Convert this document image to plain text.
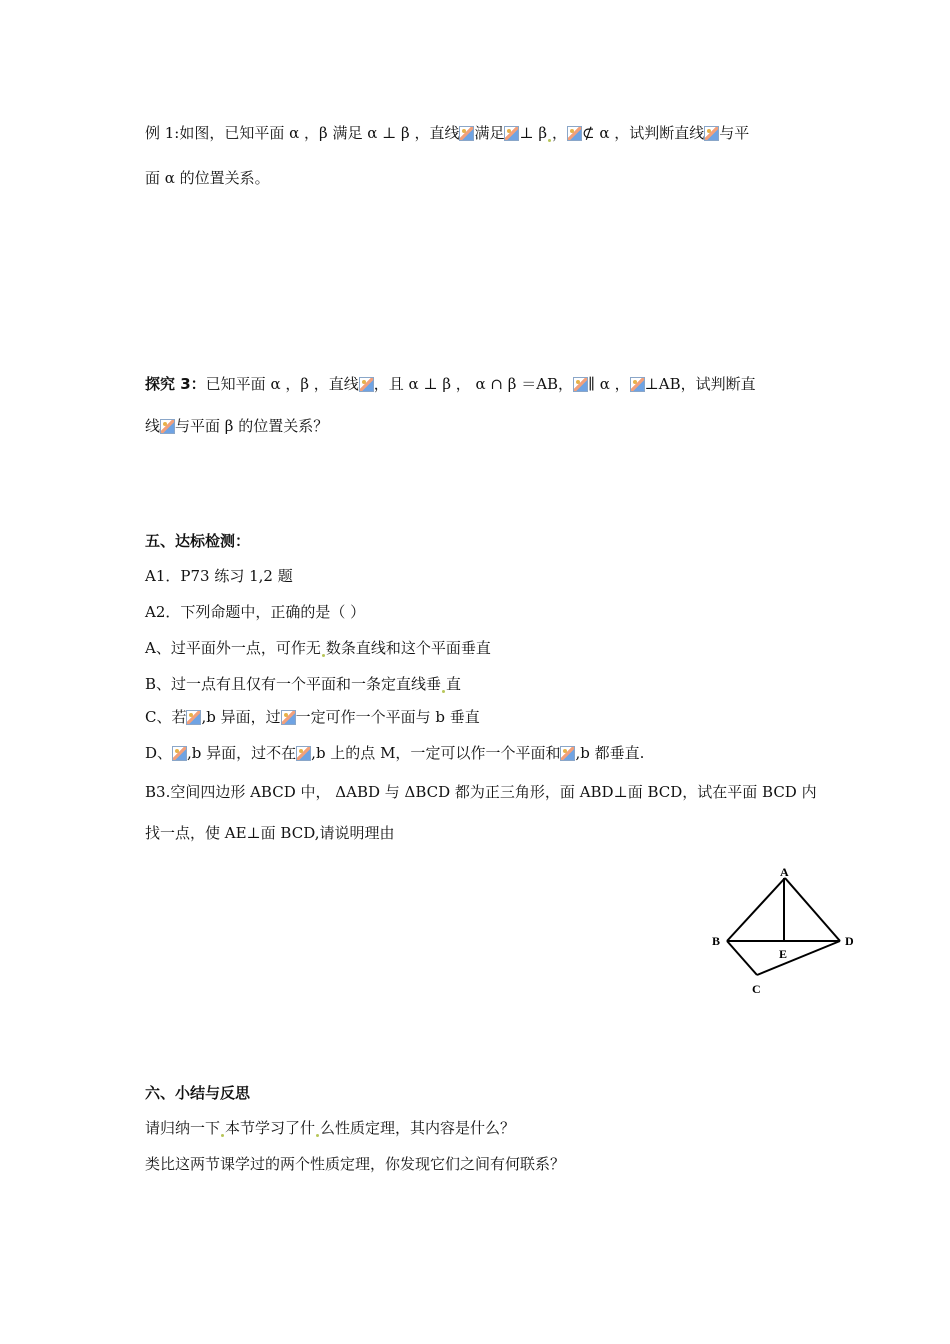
例 1:如图，已知平面 α ，β 满足 α ⊥ β ，直线 满足 ⊥ β ， ⊄ α ，试判断直线 与平
面 α 的位置关系。
探究 3：已知平面 α ，β ，直线 ，且 α ⊥ β ， α ∩ β ＝AB， ∥ α ， ⊥AB，试判断直
线 与平面 β 的位置关系？
五、达标检测：
A1．P73 练习 1,2 题
A2．下列命题中，正确的是（ ）
A、过平面外一点，可作无 数条直线和这个平面垂直
B、过一点有且仅有一个平面和一条定直线垂 直
C、若 ,b 异面，过 一定可作一个平面与 b 垂直
D、 ,b 异面，过不在 ,b 上的点 M，一定可以作一个平面和 ,b 都垂直.
B3.空间四边形 ABCD 中， ΔABD 与 ΔBCD 都为正三角形，面 ABD⊥面 BCD，试在平面 BCD 内
找一点，使 AE⊥面 BCD,请说明理由
A
B
C
D
E
六、小结与反思
请归纳一下 本节学习了什 么性质定理，其内容是什么？
类比这两节课学过的两个性质定理，你发现它们之间有何联系？
